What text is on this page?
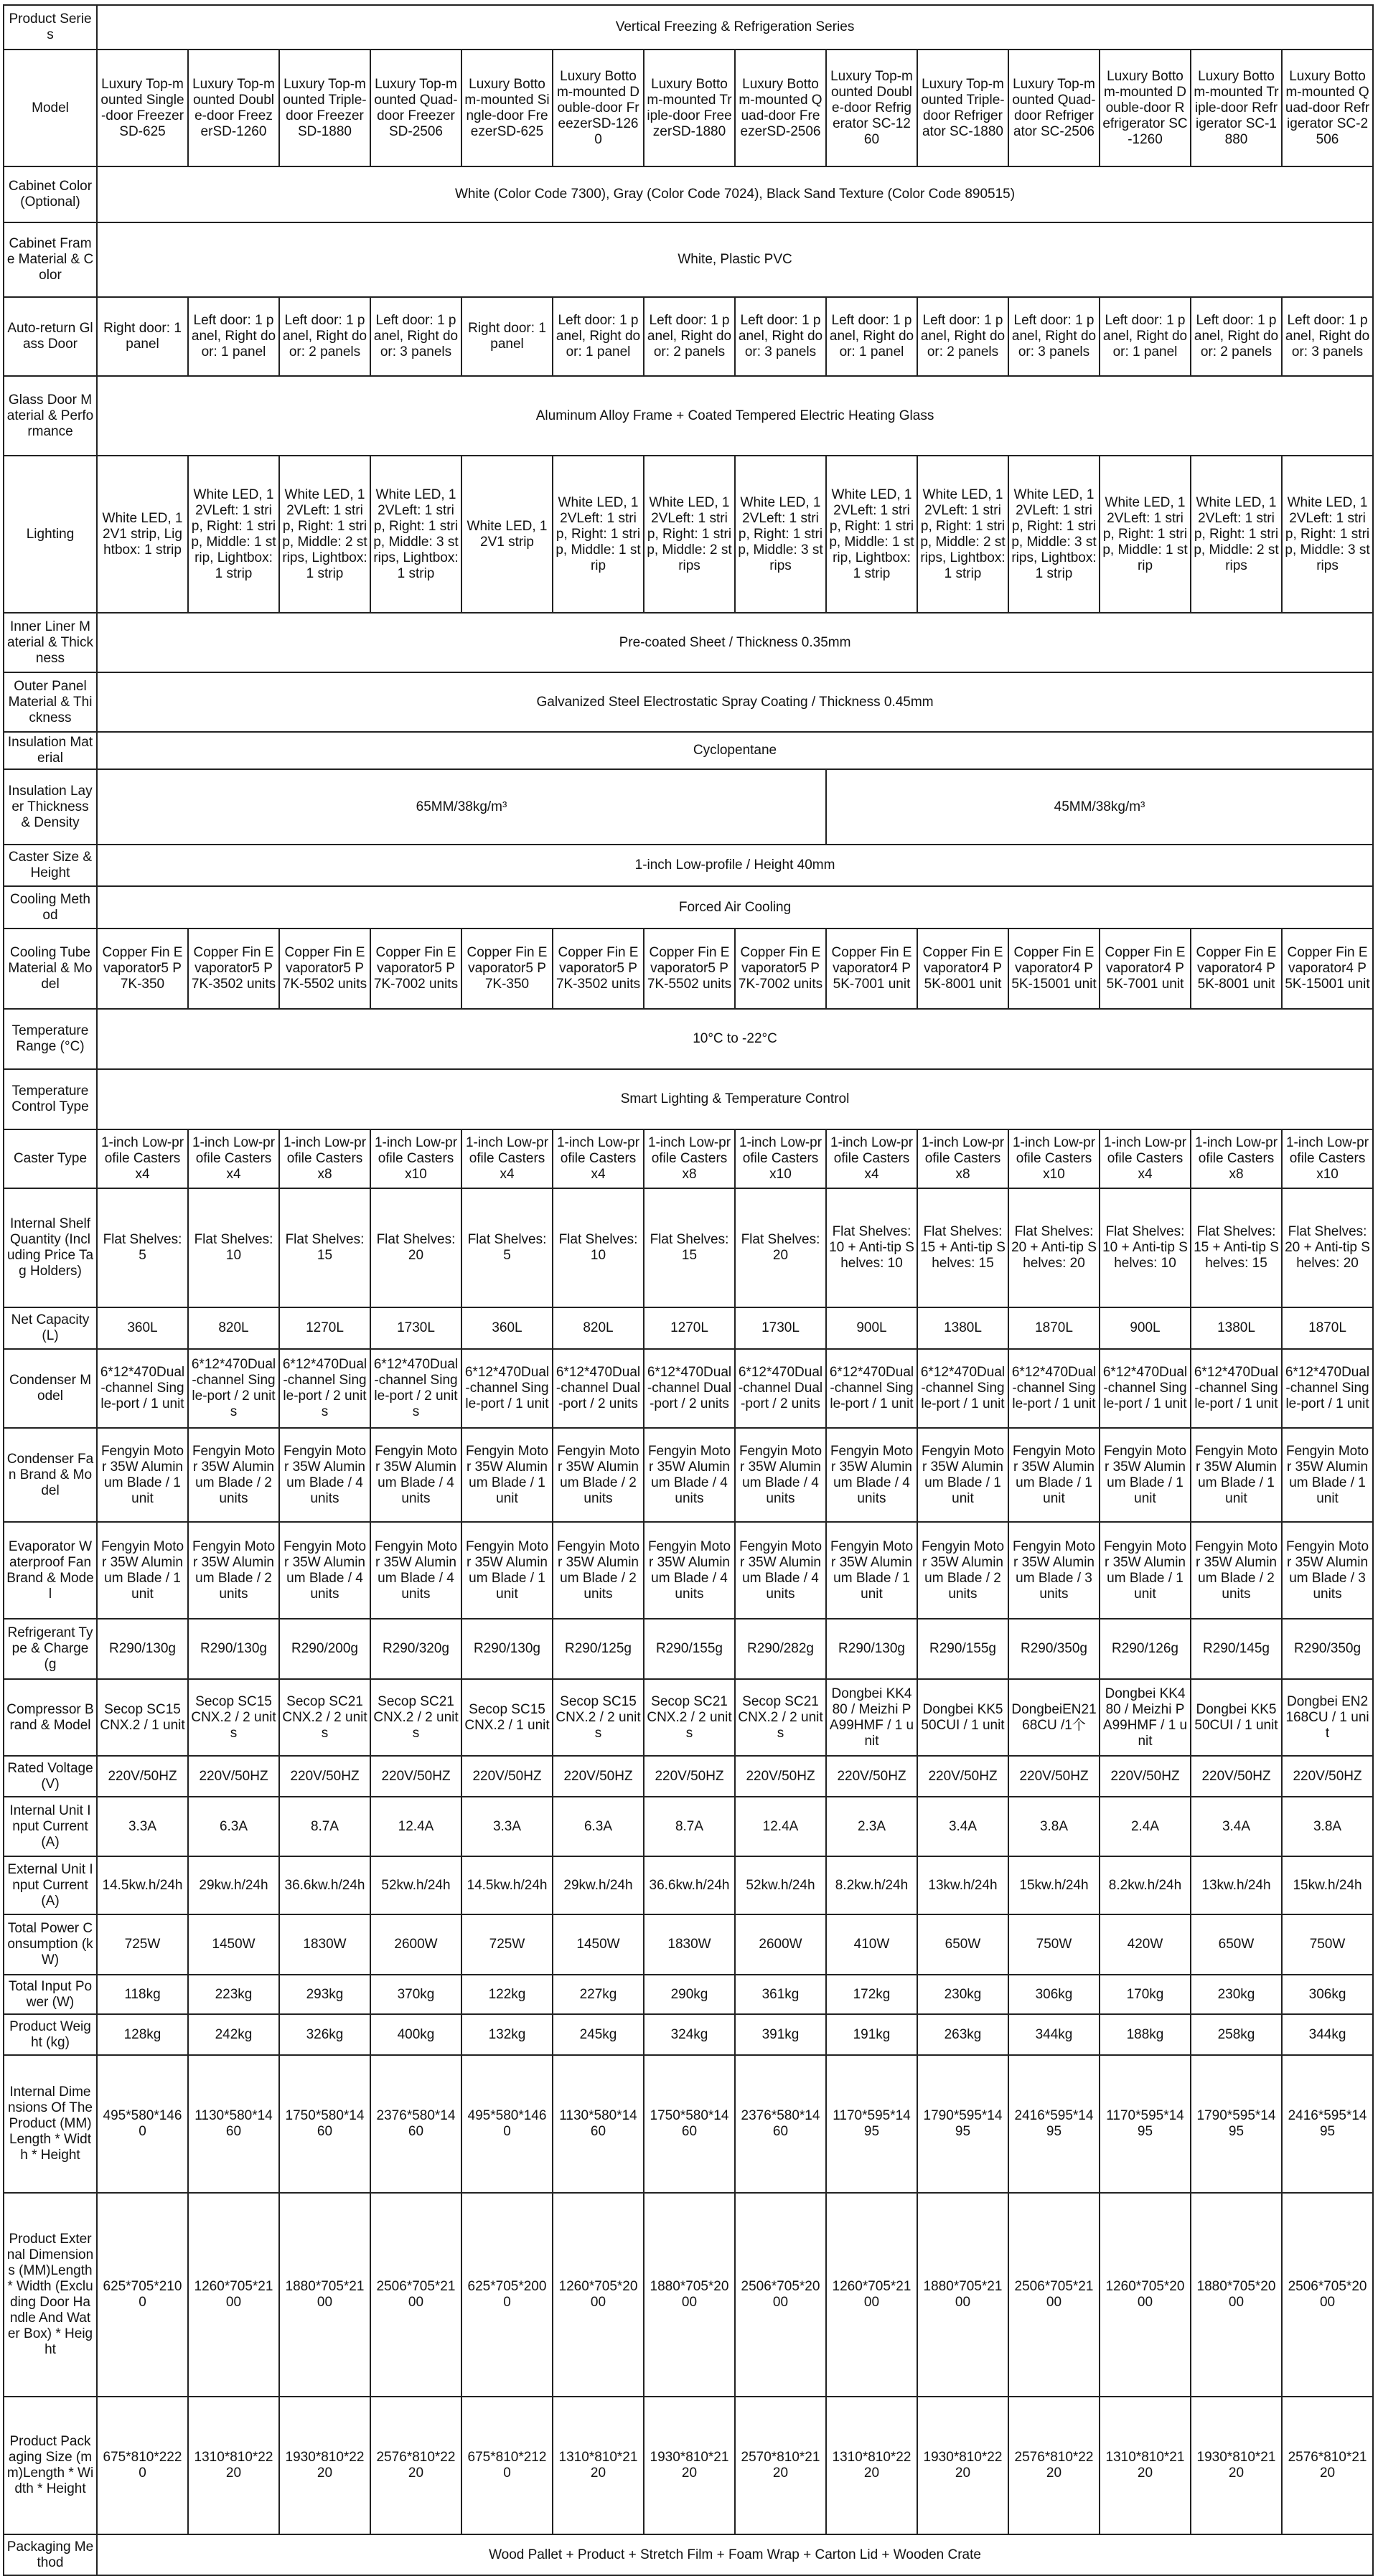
Product Series	Vertical Freezing & Refrigeration Series													
Model	Luxury Top-mounted Single-door FreezerSD-625	Luxury Top-mounted Double-door FreezerSD-1260	Luxury Top-mounted Triple-door FreezerSD-1880	Luxury Top-mounted Quad-door FreezerSD-2506	Luxury Bottom-mounted Single-door FreezerSD-625	Luxury Bottom-mounted Double-door FreezerSD-1260	Luxury Bottom-mounted Triple-door FreezerSD-1880	Luxury Bottom-mounted Quad-door FreezerSD-2506	Luxury Top-mounted Double-door Refrigerator SC-1260	Luxury Top-mounted Triple-door Refrigerator SC-1880	Luxury Top-mounted Quad-door Refrigerator SC-2506	Luxury Bottom-mounted Double-door Refrigerator SC-1260	Luxury Bottom-mounted Triple-door Refrigerator SC-1880	Luxury Bottom-mounted Quad-door Refrigerator SC-2506
Cabinet Color (Optional)	White (Color Code 7300), Gray (Color Code 7024), Black Sand Texture (Color Code 890515)													
Cabinet Frame Material & Color	White, Plastic PVC													
Auto-return Glass Door	Right door: 1 panel	Left door: 1 panel, Right door: 1 panel	Left door: 1 panel, Right door: 2 panels	Left door: 1 panel, Right door: 3 panels	Right door: 1 panel	Left door: 1 panel, Right door: 1 panel	Left door: 1 panel, Right door: 2 panels	Left door: 1 panel, Right door: 3 panels	Left door: 1 panel, Right door: 1 panel	Left door: 1 panel, Right door: 2 panels	Left door: 1 panel, Right door: 3 panels	Left door: 1 panel, Right door: 1 panel	Left door: 1 panel, Right door: 2 panels	Left door: 1 panel, Right door: 3 panels
Glass Door Material & Performance	Aluminum Alloy Frame + Coated Tempered Electric Heating Glass													
Lighting	White LED, 12V1 strip, Lightbox: 1 strip	White LED, 12VLeft: 1 strip, Right: 1 strip, Middle: 1 strip, Lightbox: 1 strip	White LED, 12VLeft: 1 strip, Right: 1 strip, Middle: 2 strips, Lightbox: 1 strip	White LED, 12VLeft: 1 strip, Right: 1 strip, Middle: 3 strips, Lightbox: 1 strip	White LED, 12V1 strip	White LED, 12VLeft: 1 strip, Right: 1 strip, Middle: 1 strip	White LED, 12VLeft: 1 strip, Right: 1 strip, Middle: 2 strips	White LED, 12VLeft: 1 strip, Right: 1 strip, Middle: 3 strips	White LED, 12VLeft: 1 strip, Right: 1 strip, Middle: 1 strip, Lightbox: 1 strip	White LED, 12VLeft: 1 strip, Right: 1 strip, Middle: 2 strips, Lightbox: 1 strip	White LED, 12VLeft: 1 strip, Right: 1 strip, Middle: 3 strips, Lightbox: 1 strip	White LED, 12VLeft: 1 strip, Right: 1 strip, Middle: 1 strip	White LED, 12VLeft: 1 strip, Right: 1 strip, Middle: 2 strips	White LED, 12VLeft: 1 strip, Right: 1 strip, Middle: 3 strips
Inner Liner Material & Thickness	Pre-coated Sheet / Thickness 0.35mm													
Outer Panel Material & Thickness	Galvanized Steel Electrostatic Spray Coating / Thickness 0.45mm													
Insulation Material	Cyclopentane													
Insulation Layer Thickness & Density	65MM/38kg/m³								45MM/38kg/m³					
Caster Size & Height	1-inch Low-profile / Height 40mm													
Cooling Method	Forced Air Cooling													
Cooling Tube Material & Model	Copper Fin Evaporator5 P7K-350	Copper Fin Evaporator5 P7K-3502 units	Copper Fin Evaporator5 P7K-5502 units	Copper Fin Evaporator5 P7K-7002 units	Copper Fin Evaporator5 P7K-350	Copper Fin Evaporator5 P7K-3502 units	Copper Fin Evaporator5 P7K-5502 units	Copper Fin Evaporator5 P7K-7002 units	Copper Fin Evaporator4 P5K-7001 unit	Copper Fin Evaporator4 P5K-8001 unit	Copper Fin Evaporator4 P5K-15001 unit	Copper Fin Evaporator4 P5K-7001 unit	Copper Fin Evaporator4 P5K-8001 unit	Copper Fin Evaporator4 P5K-15001 unit
Temperature Range (°C)	10°C to -22°C													
Temperature Control Type	Smart Lighting & Temperature Control													
Caster Type	1-inch Low-profile Casters x4	1-inch Low-profile Casters x4	1-inch Low-profile Casters x8	1-inch Low-profile Casters x10	1-inch Low-profile Casters x4	1-inch Low-profile Casters x4	1-inch Low-profile Casters x8	1-inch Low-profile Casters x10	1-inch Low-profile Casters x4	1-inch Low-profile Casters x8	1-inch Low-profile Casters x10	1-inch Low-profile Casters x4	1-inch Low-profile Casters x8	1-inch Low-profile Casters x10
Internal Shelf Quantity (Including Price Tag Holders)	Flat Shelves: 5	Flat Shelves: 10	Flat Shelves: 15	Flat Shelves: 20	Flat Shelves: 5	Flat Shelves: 10	Flat Shelves: 15	Flat Shelves: 20	Flat Shelves: 10 + Anti-tip Shelves: 10	Flat Shelves: 15 + Anti-tip Shelves: 15	Flat Shelves: 20 + Anti-tip Shelves: 20	Flat Shelves: 10 + Anti-tip Shelves: 10	Flat Shelves: 15 + Anti-tip Shelves: 15	Flat Shelves: 20 + Anti-tip Shelves: 20
Net Capacity (L)	360L	820L	1270L	1730L	360L	820L	1270L	1730L	900L	1380L	1870L	900L	1380L	1870L
Condenser Model	6*12*470Dual-channel Single-port / 1 unit	6*12*470Dual-channel Single-port / 2 units	6*12*470Dual-channel Single-port / 2 units	6*12*470Dual-channel Single-port / 2 units	6*12*470Dual-channel Single-port / 1 unit	6*12*470Dual-channel Dual-port / 2 units	6*12*470Dual-channel Dual-port / 2 units	6*12*470Dual-channel Dual-port / 2 units	6*12*470Dual-channel Single-port / 1 unit	6*12*470Dual-channel Single-port / 1 unit	6*12*470Dual-channel Single-port / 1 unit	6*12*470Dual-channel Single-port / 1 unit	6*12*470Dual-channel Single-port / 1 unit	6*12*470Dual-channel Single-port / 1 unit
Condenser Fan Brand & Model	Fengyin Motor 35W Aluminum Blade / 1 unit	Fengyin Motor 35W Aluminum Blade / 2 units	Fengyin Motor 35W Aluminum Blade / 4 units	Fengyin Motor 35W Aluminum Blade / 4 units	Fengyin Motor 35W Aluminum Blade / 1 unit	Fengyin Motor 35W Aluminum Blade / 2 units	Fengyin Motor 35W Aluminum Blade / 4 units	Fengyin Motor 35W Aluminum Blade / 4 units	Fengyin Motor 35W Aluminum Blade / 4 units	Fengyin Motor 35W Aluminum Blade / 1 unit	Fengyin Motor 35W Aluminum Blade / 1 unit	Fengyin Motor 35W Aluminum Blade / 1 unit	Fengyin Motor 35W Aluminum Blade / 1 unit	Fengyin Motor 35W Aluminum Blade / 1 unit
Evaporator Waterproof Fan Brand & Model	Fengyin Motor 35W Aluminum Blade / 1 unit	Fengyin Motor 35W Aluminum Blade / 2 units	Fengyin Motor 35W Aluminum Blade / 4 units	Fengyin Motor 35W Aluminum Blade / 4 units	Fengyin Motor 35W Aluminum Blade / 1 unit	Fengyin Motor 35W Aluminum Blade / 2 units	Fengyin Motor 35W Aluminum Blade / 4 units	Fengyin Motor 35W Aluminum Blade / 4 units	Fengyin Motor 35W Aluminum Blade / 1 unit	Fengyin Motor 35W Aluminum Blade / 2 units	Fengyin Motor 35W Aluminum Blade / 3 units	Fengyin Motor 35W Aluminum Blade / 1 unit	Fengyin Motor 35W Aluminum Blade / 2 units	Fengyin Motor 35W Aluminum Blade / 3 units
Refrigerant Type & Charge (g	R290/130g	R290/130g	R290/200g	R290/320g	R290/130g	R290/125g	R290/155g	R290/282g	R290/130g	R290/155g	R290/350g	R290/126g	R290/145g	R290/350g
Compressor Brand & Model	Secop SC15CNX.2 / 1 unit	Secop SC15CNX.2 / 2 units	Secop SC21CNX.2 / 2 units	Secop SC21CNX.2 / 2 units	Secop SC15CNX.2 / 1 unit	Secop SC15CNX.2 / 2 units	Secop SC21CNX.2 / 2 units	Secop SC21CNX.2 / 2 units	Dongbei KK480 / Meizhi PA99HMF / 1 unit	Dongbei KK550CUI / 1 unit	DongbeiEN2168CU /1个	Dongbei KK480 / Meizhi PA99HMF / 1 unit	Dongbei KK550CUI / 1 unit	Dongbei EN2168CU / 1 unit
Rated Voltage (V)	220V/50HZ	220V/50HZ	220V/50HZ	220V/50HZ	220V/50HZ	220V/50HZ	220V/50HZ	220V/50HZ	220V/50HZ	220V/50HZ	220V/50HZ	220V/50HZ	220V/50HZ	220V/50HZ
Internal Unit Input Current (A)	3.3A	6.3A	8.7A	12.4A	3.3A	6.3A	8.7A	12.4A	2.3A	3.4A	3.8A	2.4A	3.4A	3.8A
External Unit Input Current (A)	14.5kw.h/24h	29kw.h/24h	36.6kw.h/24h	52kw.h/24h	14.5kw.h/24h	29kw.h/24h	36.6kw.h/24h	52kw.h/24h	8.2kw.h/24h	13kw.h/24h	15kw.h/24h	8.2kw.h/24h	13kw.h/24h	15kw.h/24h
Total Power Consumption (kW)	725W	1450W	1830W	2600W	725W	1450W	1830W	2600W	410W	650W	750W	420W	650W	750W
Total Input Power (W)	118kg	223kg	293kg	370kg	122kg	227kg	290kg	361kg	172kg	230kg	306kg	170kg	230kg	306kg
Product Weight (kg)	128kg	242kg	326kg	400kg	132kg	245kg	324kg	391kg	191kg	263kg	344kg	188kg	258kg	344kg
Internal Dimensions Of The Product (MM)Length * Width * Height	495*580*1460	1130*580*1460	1750*580*1460	2376*580*1460	495*580*1460	1130*580*1460	1750*580*1460	2376*580*1460	1170*595*1495	1790*595*1495	2416*595*1495	1170*595*1495	1790*595*1495	2416*595*1495
Product External Dimensions (MM)Length * Width (Excluding Door Handle And Water Box) * Height	625*705*2100	1260*705*2100	1880*705*2100	2506*705*2100	625*705*2000	1260*705*2000	1880*705*2000	2506*705*2000	1260*705*2100	1880*705*2100	2506*705*2100	1260*705*2000	1880*705*2000	2506*705*2000
Product Packaging Size (mm)Length * Width * Height	675*810*2220	1310*810*2220	1930*810*2220	2576*810*2220	675*810*2120	1310*810*2120	1930*810*2120	2570*810*2120	1310*810*2220	1930*810*2220	2576*810*2220	1310*810*2120	1930*810*2120	2576*810*2120
Packaging Method	Wood Pallet + Product + Stretch Film + Foam Wrap + Carton Lid + Wooden Crate													
